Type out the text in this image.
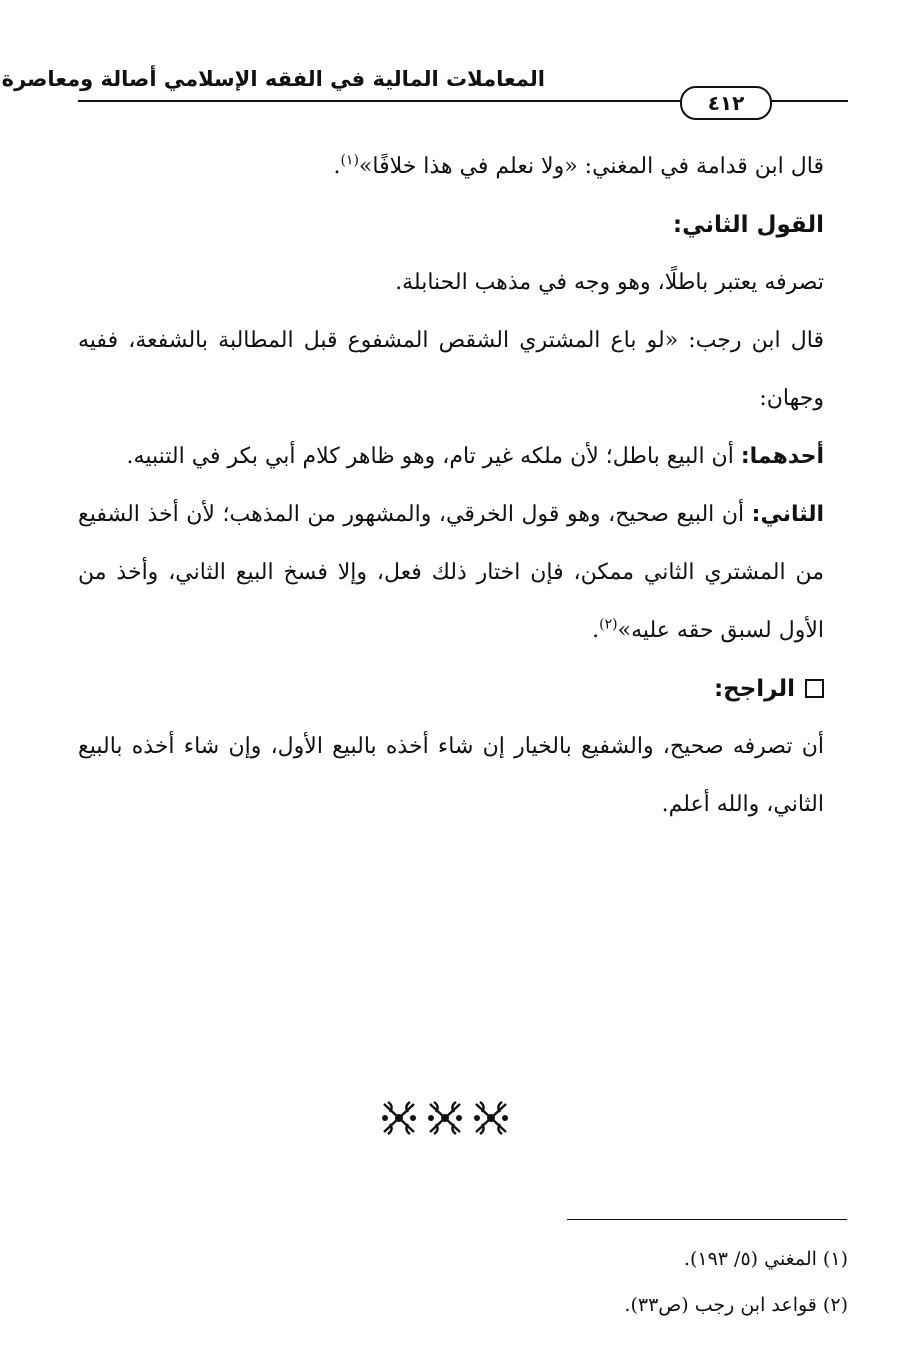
المعاملات المالية في الفقه الإسلامي أصالة ومعاصرة
٤١٢

قال ابن قدامة في المغني: «ولا نعلم في هذا خلافًا»$^{(١)}$.

القول الثاني:

تصرفه يعتبر باطلًا، وهو وجه في مذهب الحنابلة.

قال ابن رجب: «لو باع المشتري الشقص المشفوع قبل المطالبة بالشفعة، ففيه وجهان:

أحدهما: أن البيع باطل؛ لأن ملكه غير تام، وهو ظاهر كلام أبي بكر في التنبيه.

الثاني: أن البيع صحيح، وهو قول الخرقي، والمشهور من المذهب؛ لأن أخذ الشفيع من المشتري الثاني ممكن، فإن اختار ذلك فعل، وإلا فسخ البيع الثاني، وأخذ من الأول لسبق حقه عليه»$^{(٢)}$.

الراجح:

أن تصرفه صحيح، والشفيع بالخيار إن شاء أخذه بالبيع الأول، وإن شاء أخذه بالبيع الثاني، والله أعلم.

(١) المغني (٥/ ١٩٣).

(٢) قواعد ابن رجب (ص٣٣).
